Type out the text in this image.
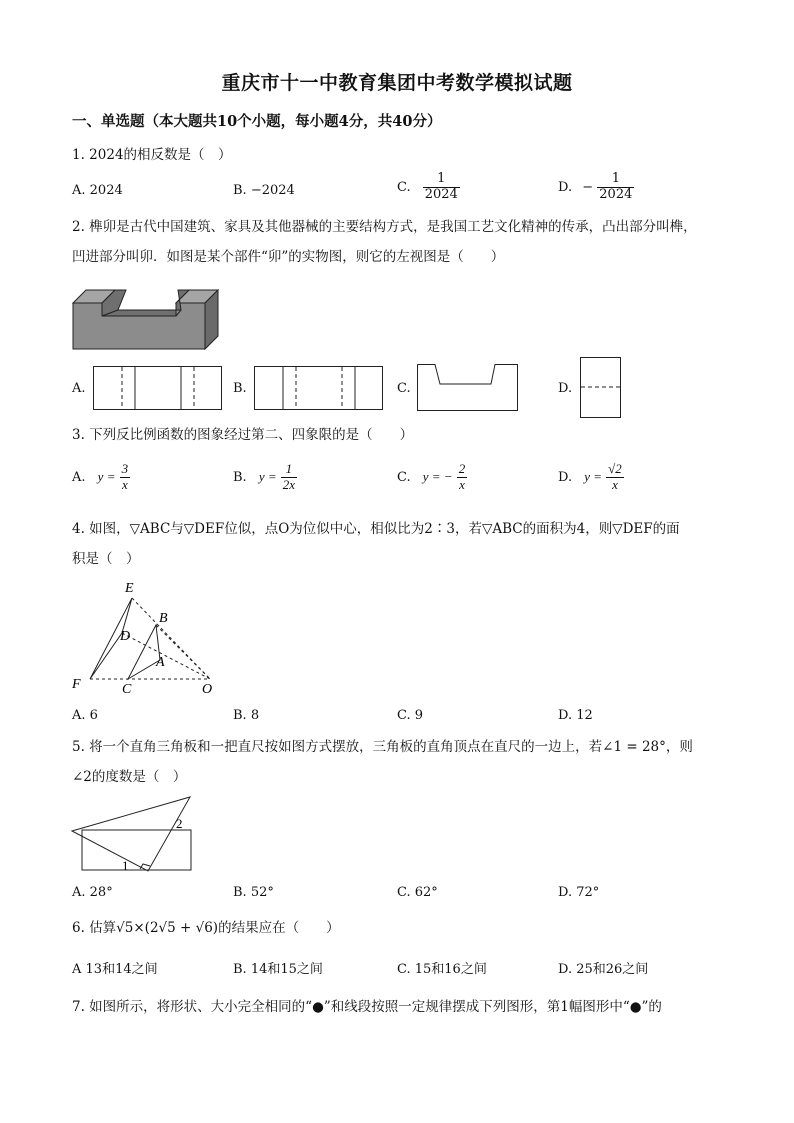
重庆市十一中教育集团中考数学模拟试题
一、单选题（本大题共10个小题，每小题4分，共40分）
1. 2024的相反数是（　）
A. 2024	B. −2024	C. $\frac{1}{2024}$	D. − $\frac{1}{2024}$
2. 榫卯是古代中国建筑、家具及其他器械的主要结构方式，是我国工艺文化精神的传承，凸出部分叫榫，
凹进部分叫卯．如图是某个部件“卯”的实物图，则它的左视图是（　　）
A.	B.	C.	D.
3. 下列反比例函数的图象经过第二、四象限的是（　　）
A. $y = \frac{3}{x}$	B. $y = \frac{1}{2x}$	C. y = − $\frac{2}{x}$	D. $y = \frac{√2}{x}$
4. 如图，▽ABC与▽DEF位似，点O为位似中心，相似比为2∶3，若▽ABC的面积为4，则▽DEF的面
积是（　）
E
B
D
A
F	C	O
A. 6	B. 8	C. 9	D. 12
5. 将一个直角三角板和一把直尺按如图方式摆放，三角板的直角顶点在直尺的一边上，若∠1 = 28°，则
∠2的度数是（　）
1
2
A. 28°	B. 52°	C. 62°	D. 72°
6. 估算√5×(2√5 + √6)的结果应在（　　）
A 13和14之间	B. 14和15之间	C. 15和16之间	D. 25和26之间
7. 如图所示，将形状、大小完全相同的“●”和线段按照一定规律摆成下列图形，第1幅图形中“●”的
